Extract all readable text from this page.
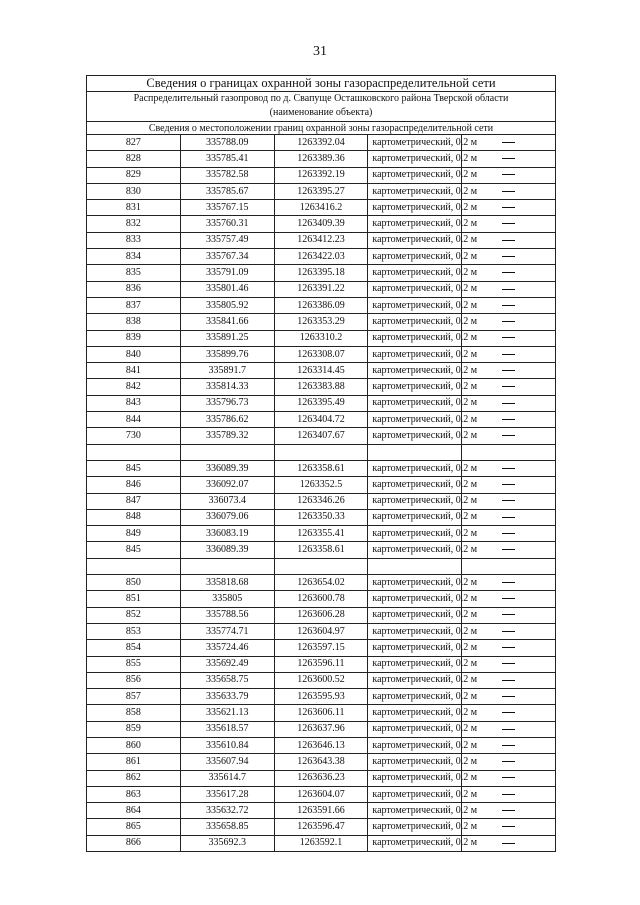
31
Сведения о границах охранной зоны газораспределительной сети				
Распределительный газопровод по д. Свапуще Осташковского района Тверской области				
(наименование объекта)				
Сведения о местоположении границ охранной зоны газораспределительной сети				
827	335788.09	1263392.04	картометрический, 0.2 м	
828	335785.41	1263389.36	картометрический, 0.2 м	
829	335782.58	1263392.19	картометрический, 0.2 м	
830	335785.67	1263395.27	картометрический, 0.2 м	
831	335767.15	1263416.2	картометрический, 0.2 м	
832	335760.31	1263409.39	картометрический, 0.2 м	
833	335757.49	1263412.23	картометрический, 0.2 м	
834	335767.34	1263422.03	картометрический, 0.2 м	
835	335791.09	1263395.18	картометрический, 0.2 м	
836	335801.46	1263391.22	картометрический, 0.2 м	
837	335805.92	1263386.09	картометрический, 0.2 м	
838	335841.66	1263353.29	картометрический, 0.2 м	
839	335891.25	1263310.2	картометрический, 0.2 м	
840	335899.76	1263308.07	картометрический, 0.2 м	
841	335891.7	1263314.45	картометрический, 0.2 м	
842	335814.33	1263383.88	картометрический, 0.2 м	
843	335796.73	1263395.49	картометрический, 0.2 м	
844	335786.62	1263404.72	картометрический, 0.2 м	
730	335789.32	1263407.67	картометрический, 0.2 м	

845	336089.39	1263358.61	картометрический, 0.2 м	
846	336092.07	1263352.5	картометрический, 0.2 м	
847	336073.4	1263346.26	картометрический, 0.2 м	
848	336079.06	1263350.33	картометрический, 0.2 м	
849	336083.19	1263355.41	картометрический, 0.2 м	
845	336089.39	1263358.61	картометрический, 0.2 м	

850	335818.68	1263654.02	картометрический, 0.2 м	
851	335805	1263600.78	картометрический, 0.2 м	
852	335788.56	1263606.28	картометрический, 0.2 м	
853	335774.71	1263604.97	картометрический, 0.2 м	
854	335724.46	1263597.15	картометрический, 0.2 м	
855	335692.49	1263596.11	картометрический, 0.2 м	
856	335658.75	1263600.52	картометрический, 0.2 м	
857	335633.79	1263595.93	картометрический, 0.2 м	
858	335621.13	1263606.11	картометрический, 0.2 м	
859	335618.57	1263637.96	картометрический, 0.2 м	
860	335610.84	1263646.13	картометрический, 0.2 м	
861	335607.94	1263643.38	картометрический, 0.2 м	
862	335614.7	1263636.23	картометрический, 0.2 м	
863	335617.28	1263604.07	картометрический, 0.2 м	
864	335632.72	1263591.66	картометрический, 0.2 м	
865	335658.85	1263596.47	картометрический, 0.2 м	
866	335692.3	1263592.1	картометрический, 0.2 м	
